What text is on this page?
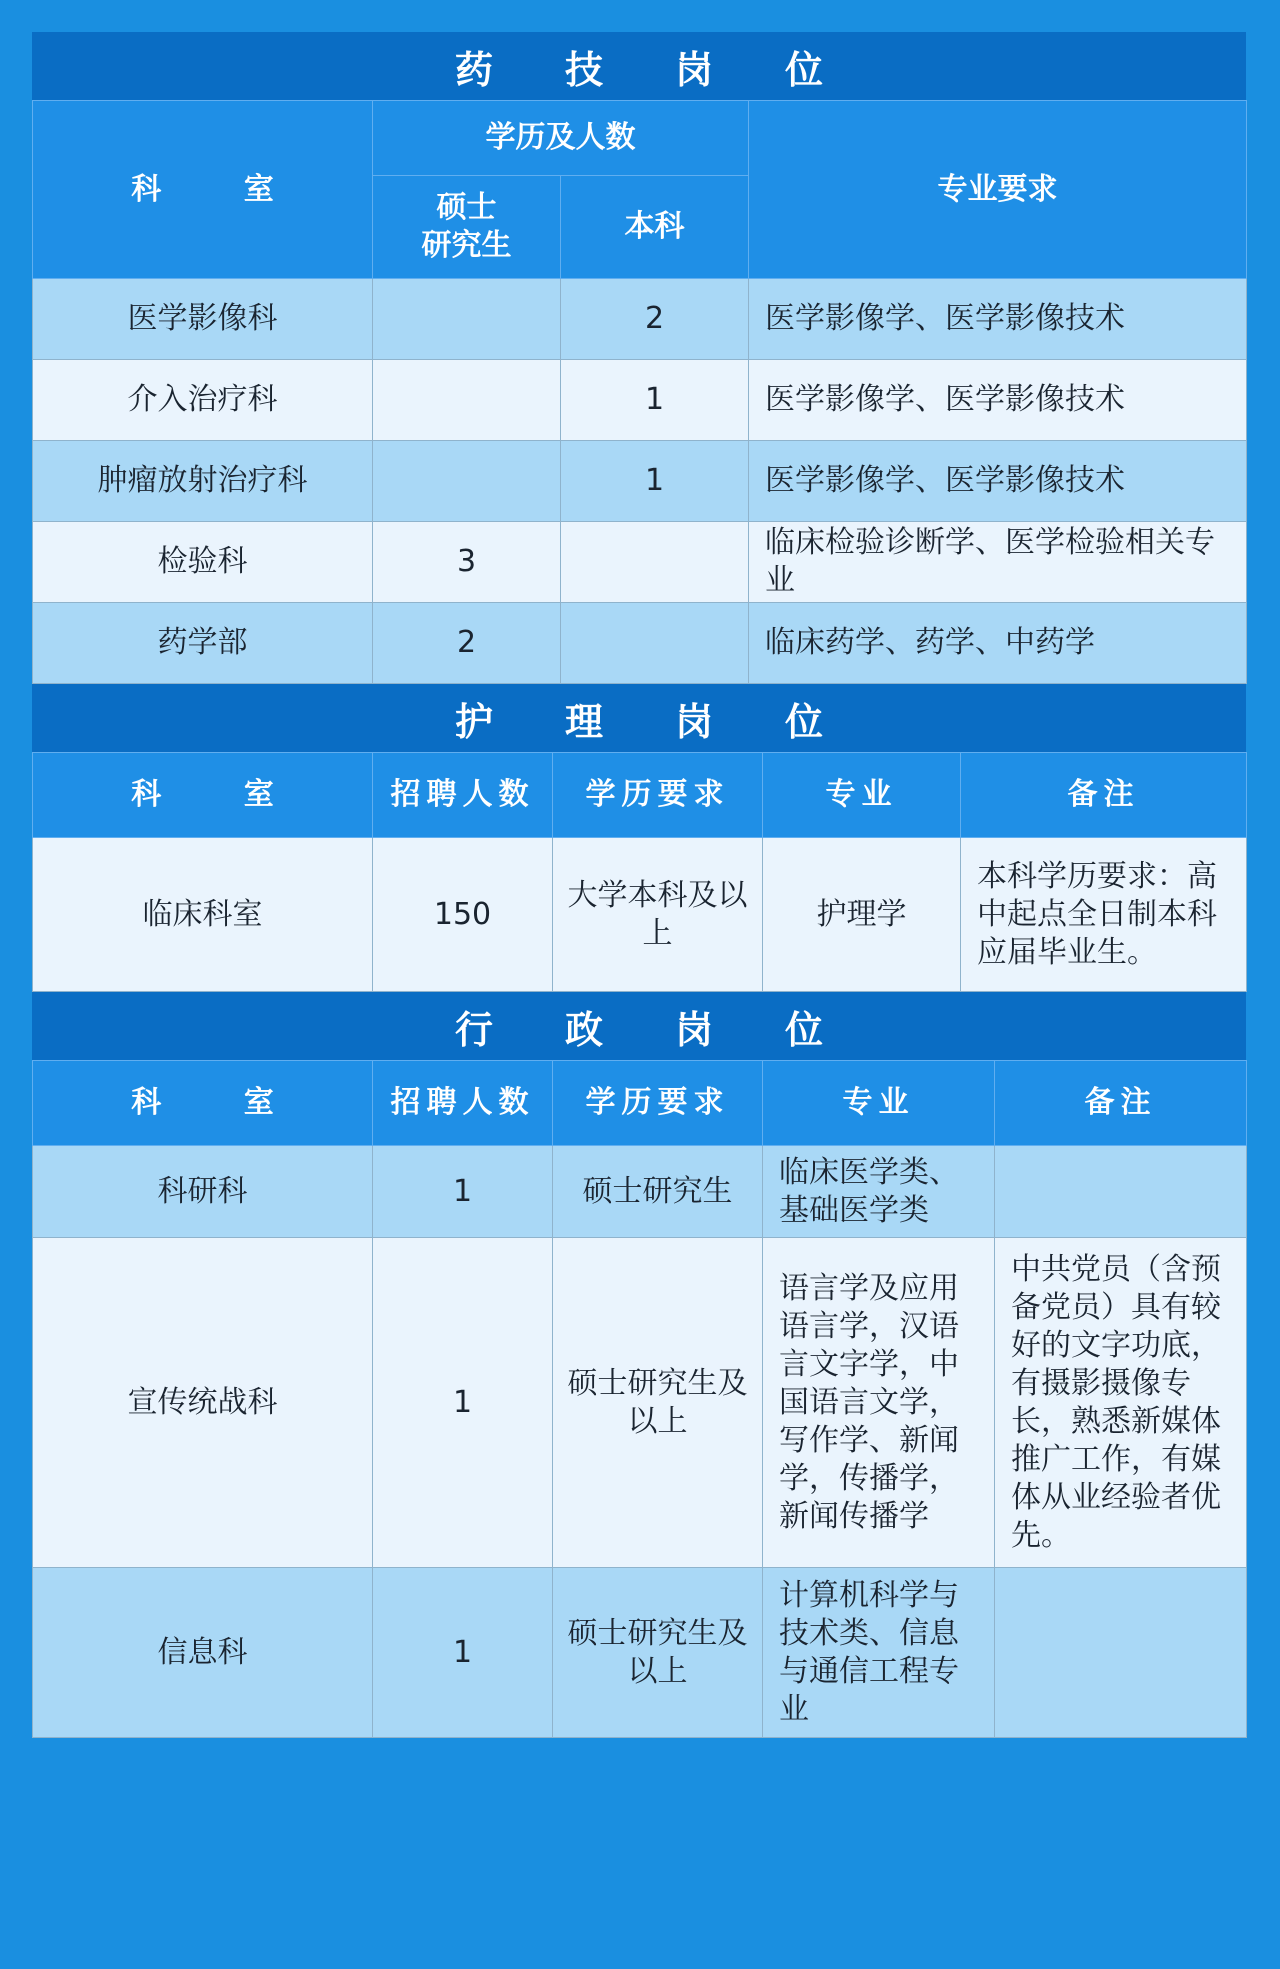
药技岗位
科 室	学历及人数		专业要求
	硕士
研究生	本科	
医学影像科		2	医学影像学、医学影像技术
介入治疗科		1	医学影像学、医学影像技术
肿瘤放射治疗科		1	医学影像学、医学影像技术
检验科	3		临床检验诊断学、医学检验相关专业
药学部	2		临床药学、药学、中药学
护理岗位
科 室	招聘人数	学历要求	专业	备注
临床科室	150	大学本科及以上	护理学	本科学历要求：高中起点全日制本科应届毕业生。
行政岗位
科 室	招聘人数	学历要求	专业	备注
科研科	1	硕士研究生	临床医学类、基础医学类	
宣传统战科	1	硕士研究生及以上	语言学及应用语言学，汉语言文字学，中国语言文学，写作学、新闻学，传播学，新闻传播学	中共党员（含预备党员）具有较好的文字功底，有摄影摄像专长，熟悉新媒体推广工作，有媒体从业经验者优先。
信息科	1	硕士研究生及以上	计算机科学与技术类、信息与通信工程专业	
